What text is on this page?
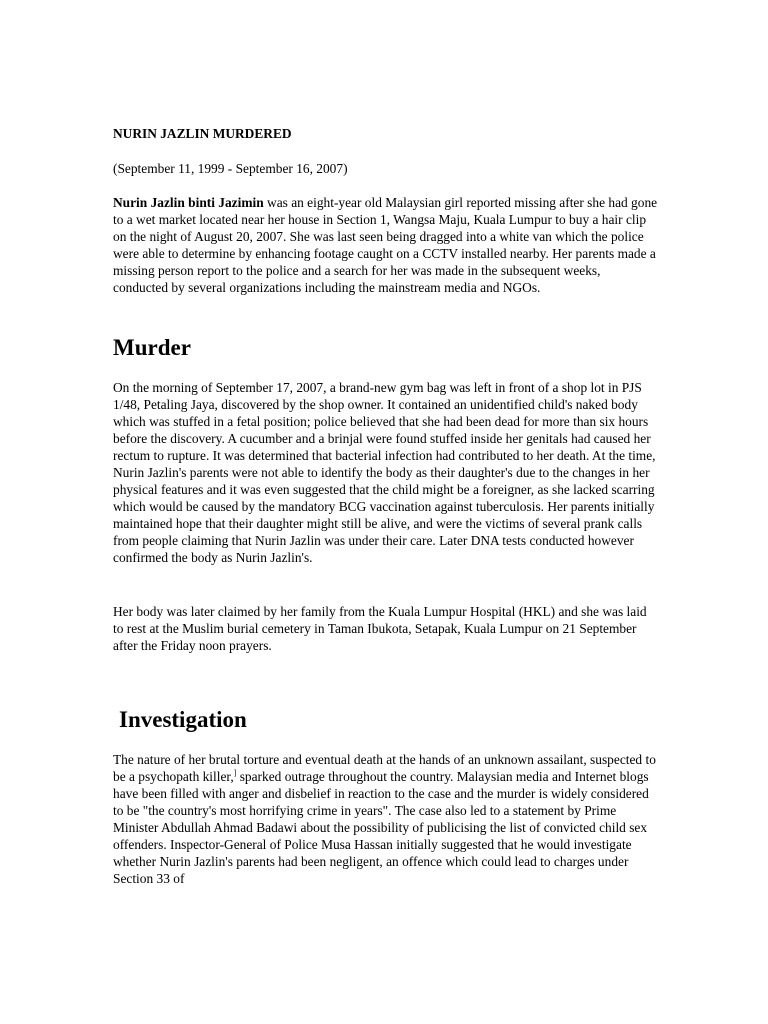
NURIN JAZLIN MURDERED

(September 11, 1999 - September 16, 2007)

Nurin Jazlin binti Jazimin was an eight-year old Malaysian girl reported missing after she had gone to a wet market located near her house in Section 1, Wangsa Maju, Kuala Lumpur to buy a hair clip on the night of August 20, 2007. She was last seen being dragged into a white van which the police were able to determine by enhancing footage caught on a CCTV installed nearby. Her parents made a missing person report to the police and a search for her was made in the subsequent weeks, conducted by several organizations including the mainstream media and NGOs.

Murder

On the morning of September 17, 2007, a brand-new gym bag was left in front of a shop lot in PJS 1/48, Petaling Jaya, discovered by the shop owner. It contained an unidentified child's naked body which was stuffed in a fetal position; police believed that she had been dead for more than six hours before the discovery. A cucumber and a brinjal were found stuffed inside her genitals had caused her rectum to rupture. It was determined that bacterial infection had contributed to her death. At the time, Nurin Jazlin's parents were not able to identify the body as their daughter's due to the changes in her physical features and it was even suggested that the child might be a foreigner, as she lacked scarring which would be caused by the mandatory BCG vaccination against tuberculosis. Her parents initially maintained hope that their daughter might still be alive, and were the victims of several prank calls from people claiming that Nurin Jazlin was under their care. Later DNA tests conducted however confirmed the body as Nurin Jazlin's.

Her body was later claimed by her family from the Kuala Lumpur Hospital (HKL) and she was laid to rest at the Muslim burial cemetery in Taman Ibukota, Setapak, Kuala Lumpur on 21 September after the Friday noon prayers.

Investigation

The nature of her brutal torture and eventual death at the hands of an unknown assailant, suspected to be a psychopath killer,] sparked outrage throughout the country. Malaysian media and Internet blogs have been filled with anger and disbelief in reaction to the case and the murder is widely considered to be "the country's most horrifying crime in years". The case also led to a statement by Prime Minister Abdullah Ahmad Badawi about the possibility of publicising the list of convicted child sex offenders. Inspector-General of Police Musa Hassan initially suggested that he would investigate whether Nurin Jazlin's parents had been negligent, an offence which could lead to charges under Section 33 of
